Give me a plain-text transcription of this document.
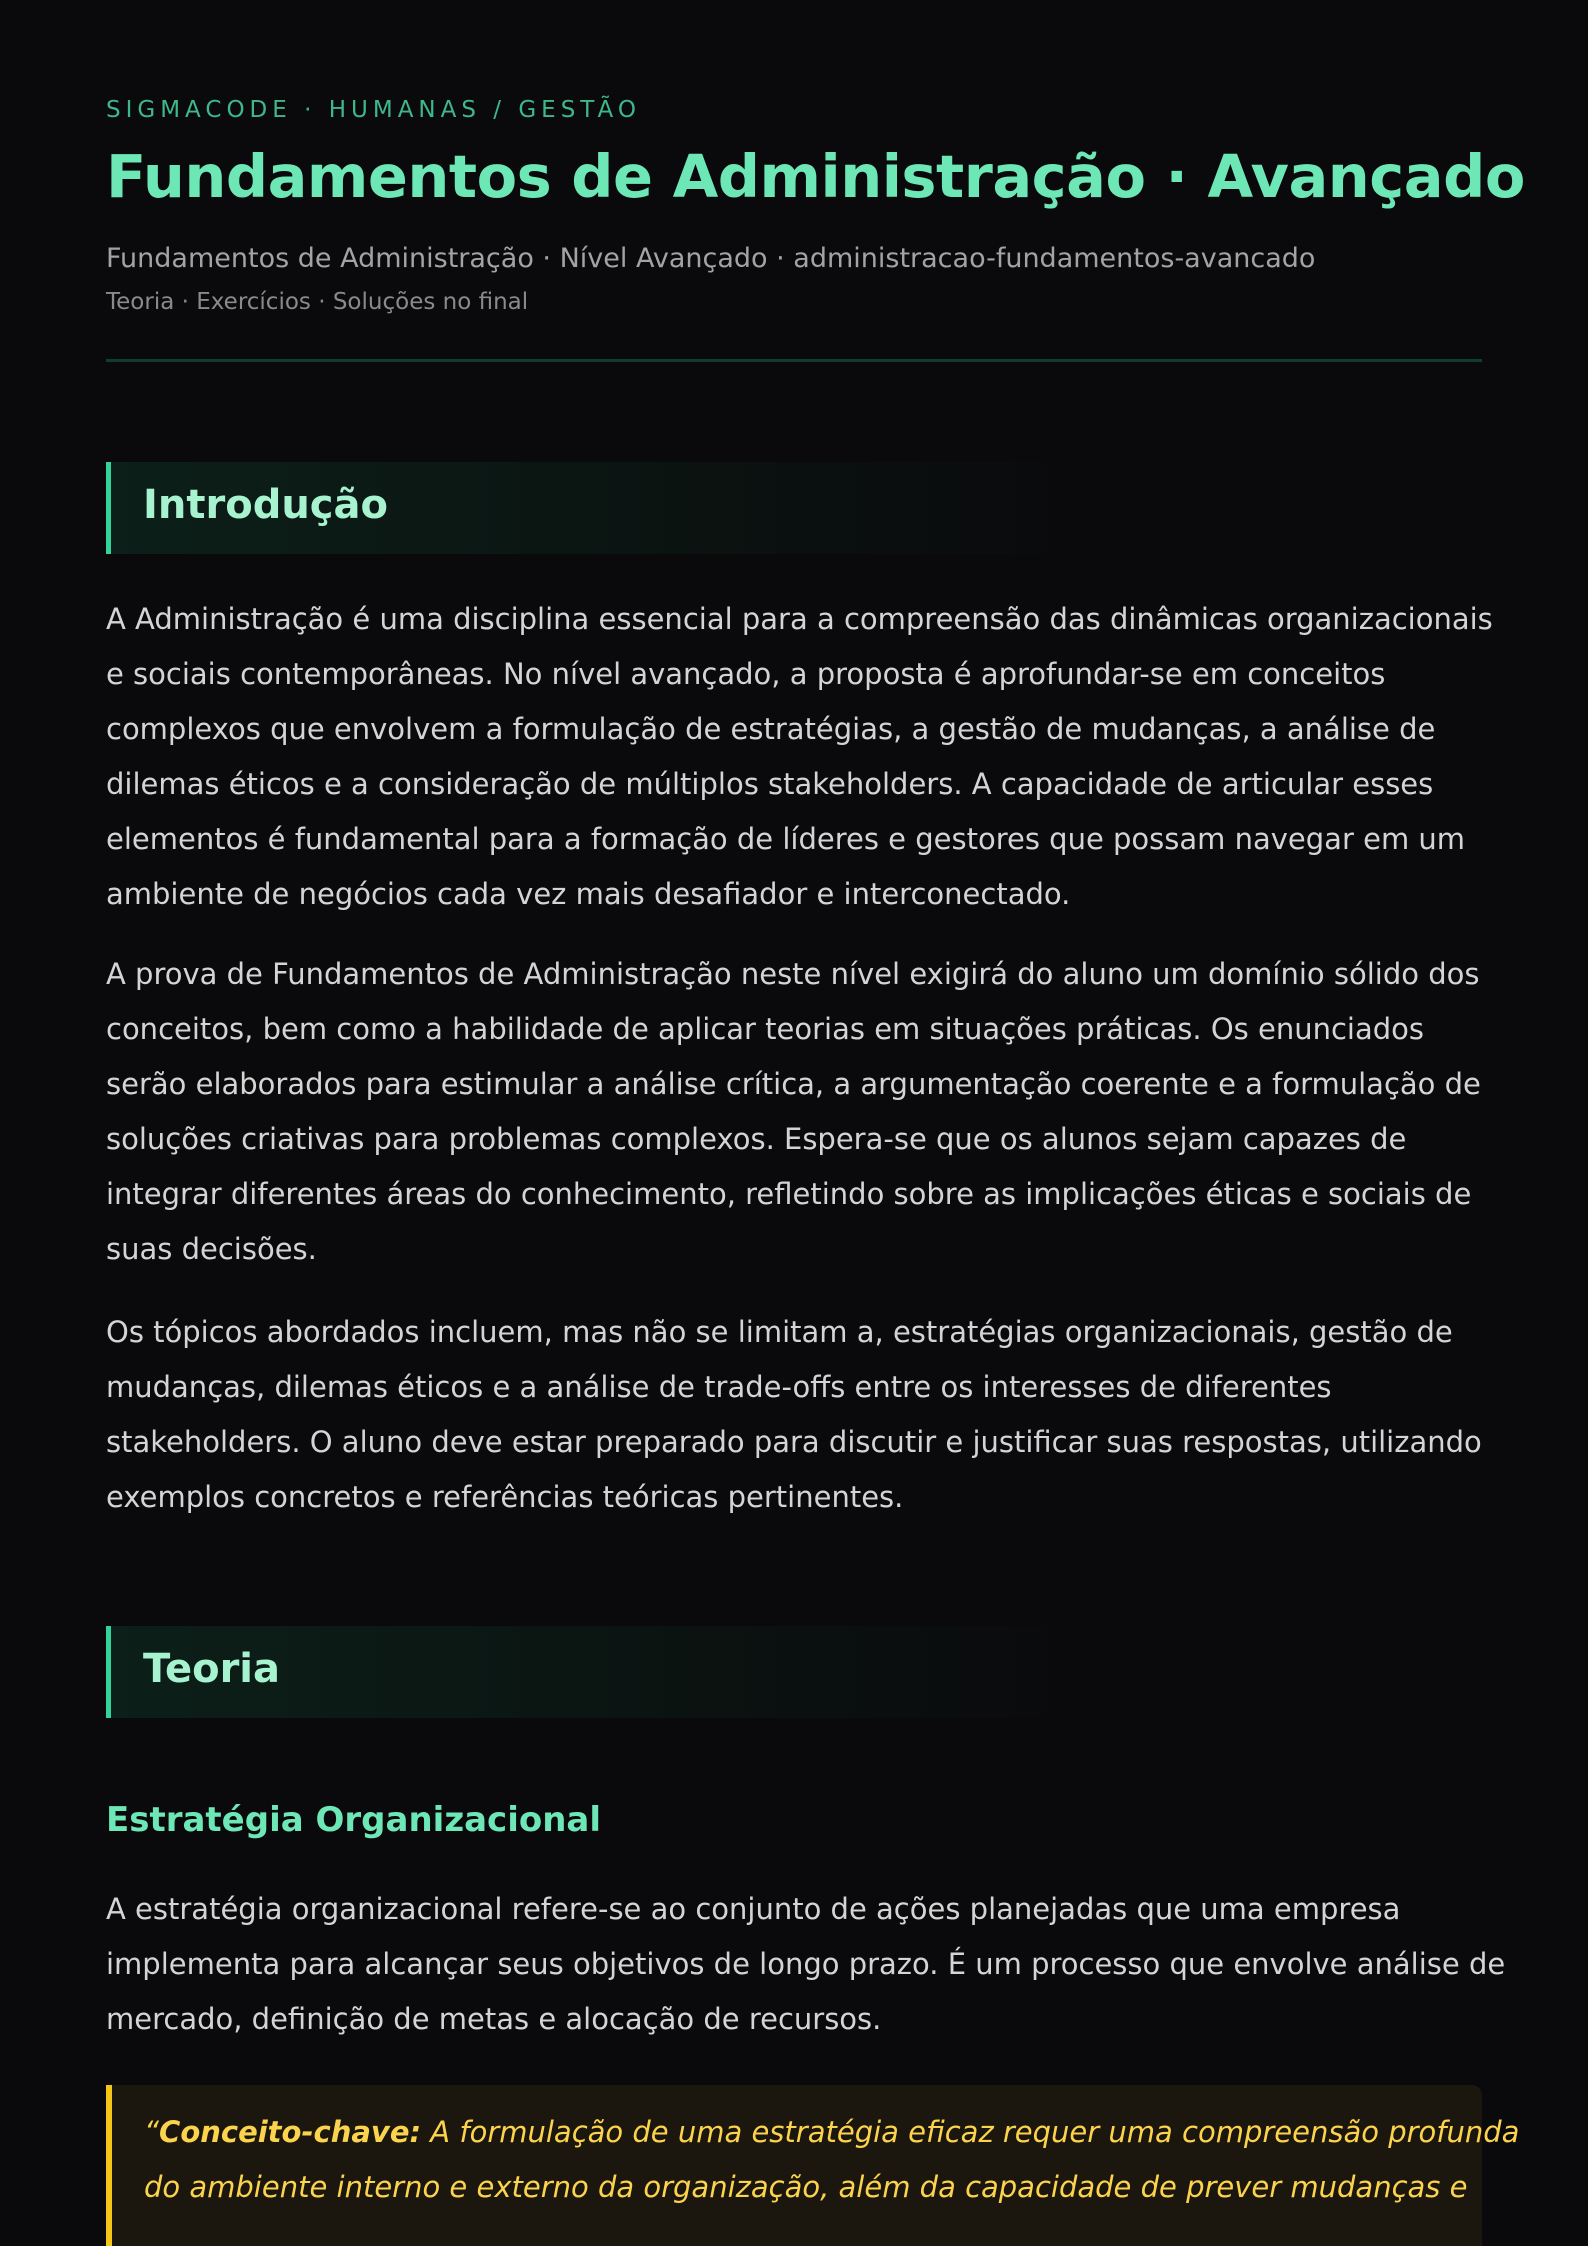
SIGMACODE · HUMANAS / GESTÃO
Fundamentos de Administração · Avançado
Fundamentos de Administração · Nível Avançado · administracao-fundamentos-avancado
Teoria · Exercícios · Soluções no final
Introdução

A Administração é uma disciplina essencial para a compreensão das dinâmicas organizacionais
e sociais contemporâneas. No nível avançado, a proposta é aprofundar-se em conceitos
complexos que envolvem a formulação de estratégias, a gestão de mudanças, a análise de
dilemas éticos e a consideração de múltiplos stakeholders. A capacidade de articular esses
elementos é fundamental para a formação de líderes e gestores que possam navegar em um
ambiente de negócios cada vez mais desafiador e interconectado.

A prova de Fundamentos de Administração neste nível exigirá do aluno um domínio sólido dos
conceitos, bem como a habilidade de aplicar teorias em situações práticas. Os enunciados
serão elaborados para estimular a análise crítica, a argumentação coerente e a formulação de
soluções criativas para problemas complexos. Espera-se que os alunos sejam capazes de
integrar diferentes áreas do conhecimento, refletindo sobre as implicações éticas e sociais de
suas decisões.

Os tópicos abordados incluem, mas não se limitam a, estratégias organizacionais, gestão de
mudanças, dilemas éticos e a análise de trade-offs entre os interesses de diferentes
stakeholders. O aluno deve estar preparado para discutir e justificar suas respostas, utilizando
exemplos concretos e referências teóricas pertinentes.

Teoria
Estratégia Organizacional

A estratégia organizacional refere-se ao conjunto de ações planejadas que uma empresa
implementa para alcançar seus objetivos de longo prazo. É um processo que envolve análise de
mercado, definição de metas e alocação de recursos.

“Conceito-chave: A formulação de uma estratégia eficaz requer uma compreensão profunda
do ambiente interno e externo da organização, além da capacidade de prever mudanças e
